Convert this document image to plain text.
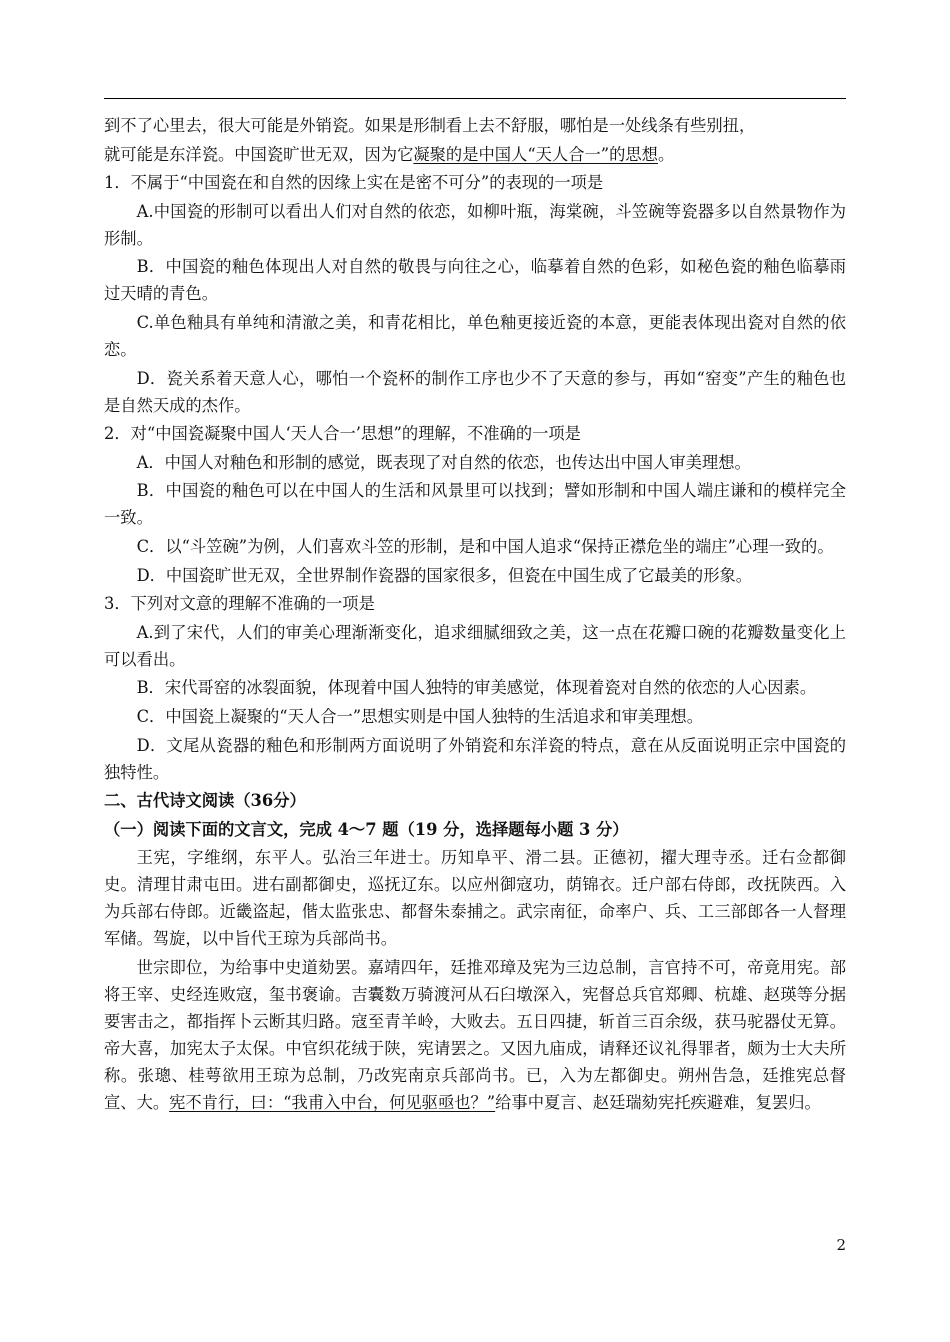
到不了心里去，很大可能是外销瓷。如果是形制看上去不舒服，哪怕是一处线条有些别扭，

就可能是东洋瓷。中国瓷旷世无双，因为它凝聚的是中国人“天人合一”的思想。

1．不属于“中国瓷在和自然的因缘上实在是密不可分”的表现的一项是

A.中国瓷的形制可以看出人们对自然的依恋，如柳叶瓶，海棠碗，斗笠碗等瓷器多以自然景物作为形制。

B．中国瓷的釉色体现出人对自然的敬畏与向往之心，临摹着自然的色彩，如秘色瓷的釉色临摹雨过天晴的青色。

C.单色釉具有单纯和清澈之美，和青花相比，单色釉更接近瓷的本意，更能表体现出瓷对自然的依恋。

D．瓷关系着天意人心，哪怕一个瓷杯的制作工序也少不了天意的参与，再如“窑变”产生的釉色也是自然天成的杰作。

2．对“中国瓷凝聚中国人‘天人合一’思想”的理解，不准确的一项是

A．中国人对釉色和形制的感觉，既表现了对自然的依恋，也传达出中国人审美理想。

B．中国瓷的釉色可以在中国人的生活和风景里可以找到；譬如形制和中国人端庄谦和的模样完全一致。

C．以“斗笠碗”为例，人们喜欢斗笠的形制，是和中国人追求“保持正襟危坐的端庄”心理一致的。

D．中国瓷旷世无双，全世界制作瓷器的国家很多，但瓷在中国生成了它最美的形象。

3．下列对文意的理解不准确的一项是

A.到了宋代，人们的审美心理渐渐变化，追求细腻细致之美，这一点在花瓣口碗的花瓣数量变化上可以看出。

B．宋代哥窑的冰裂面貌，体现着中国人独特的审美感觉，体现着瓷对自然的依恋的人心因素。

C．中国瓷上凝聚的“天人合一”思想实则是中国人独特的生活追求和审美理想。

D．文尾从瓷器的釉色和形制两方面说明了外销瓷和东洋瓷的特点，意在从反面说明正宗中国瓷的独特性。

二、古代诗文阅读（36分）

（一）阅读下面的文言文，完成 4～7 题（19 分，选择题每小题 3 分）

王宪，字维纲，东平人。弘治三年进士。历知阜平、滑二县。正德初，擢大理寺丞。迁右佥都御史。清理甘肃屯田。进右副都御史，巡抚辽东。以应州御寇功，荫锦衣。迁户部右侍郎，改抚陕西。入为兵部右侍郎。近畿盗起，偕太监张忠、都督朱泰捕之。武宗南征，命率户、兵、工三部郎各一人督理军储。驾旋，以中旨代王琼为兵部尚书。

世宗即位，为给事中史道劾罢。嘉靖四年，廷推邓璋及宪为三边总制，言官持不可，帝竟用宪。部将王宰、史经连败寇，玺书褒谕。吉囊数万骑渡河从石臼墩深入，宪督总兵官郑卿、杭雄、赵瑛等分据要害击之，都指挥卜云断其归路。寇至青羊岭，大败去。五日四捷，斩首三百余级，获马驼器仗无算。帝大喜，加宪太子太保。中官织花绒于陕，宪请罢之。又因九庙成，请释还议礼得罪者，颇为士大夫所称。张璁、桂萼欲用王琼为总制，乃改宪南京兵部尚书。已，入为左都御史。朔州告急，廷推宪总督宣、大。宪不肯行，曰：“我甫入中台，何见驱亟也？”给事中夏言、赵廷瑞劾宪托疾避难，复罢归。

2
